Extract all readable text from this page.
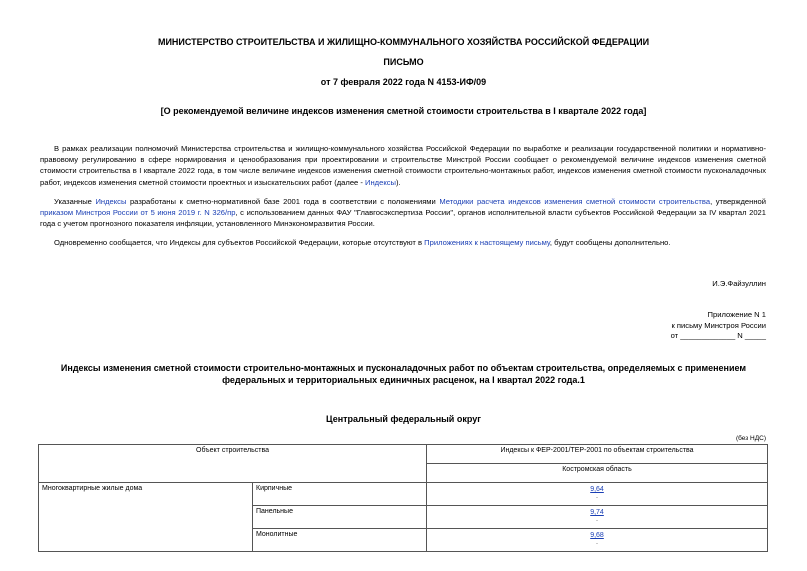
МИНИСТЕРСТВО СТРОИТЕЛЬСТВА И ЖИЛИЩНО-КОММУНАЛЬНОГО ХОЗЯЙСТВА РОССИЙСКОЙ ФЕДЕРАЦИИ
ПИСЬМО
от 7 февраля 2022 года N 4153-ИФ/09
[О рекомендуемой величине индексов изменения сметной стоимости строительства в I квартале 2022 года]

В рамках реализации полномочий Министерства строительства и жилищно-коммунального хозяйства Российской Федерации по выработке и реализации государственной политики и нормативно-правовому регулированию в сфере нормирования и ценообразования при проектировании и строительстве Минстрой России сообщает о рекомендуемой величине индексов изменения сметной стоимости строительства в I квартале 2022 года, в том числе величине индексов изменения сметной стоимости строительно-монтажных работ, индексов изменения сметной стоимости пусконаладочных работ, индексов изменения сметной стоимости проектных и изыскательских работ (далее - Индексы).

Указанные Индексы разработаны к сметно-нормативной базе 2001 года в соответствии с положениями Методики расчета индексов изменения сметной стоимости строительства, утвержденной приказом Минстроя России от 5 июня 2019 г. N 326/пр, с использованием данных ФАУ "Главгосэкспертиза России", органов исполнительной власти субъектов Российской Федерации за IV квартал 2021 года с учетом прогнозного показателя инфляции, установленного Минэкономразвития России.

Одновременно сообщается, что Индексы для субъектов Российской Федерации, которые отсутствуют в Приложениях к настоящему письму, будут сообщены дополнительно.

И.Э.Файзуллин
Приложение N 1
к письму Минстроя России
от _____________ N _____
Индексы изменения сметной стоимости строительно-монтажных и пусконаладочных работ по объектам строительства, определяемых с применением федеральных и территориальных единичных расценок, на I квартал 2022 года.1
Центральный федеральный округ
(без НДС)
Объект строительства		Индексы к ФЕР-2001/ТЕР-2001 по объектам строительства
		Костромская область
Многоквартирные жилые дома	Кирпичные	9,64
-

	Панельные	9,74
-

	Монолитные	9,68
-
